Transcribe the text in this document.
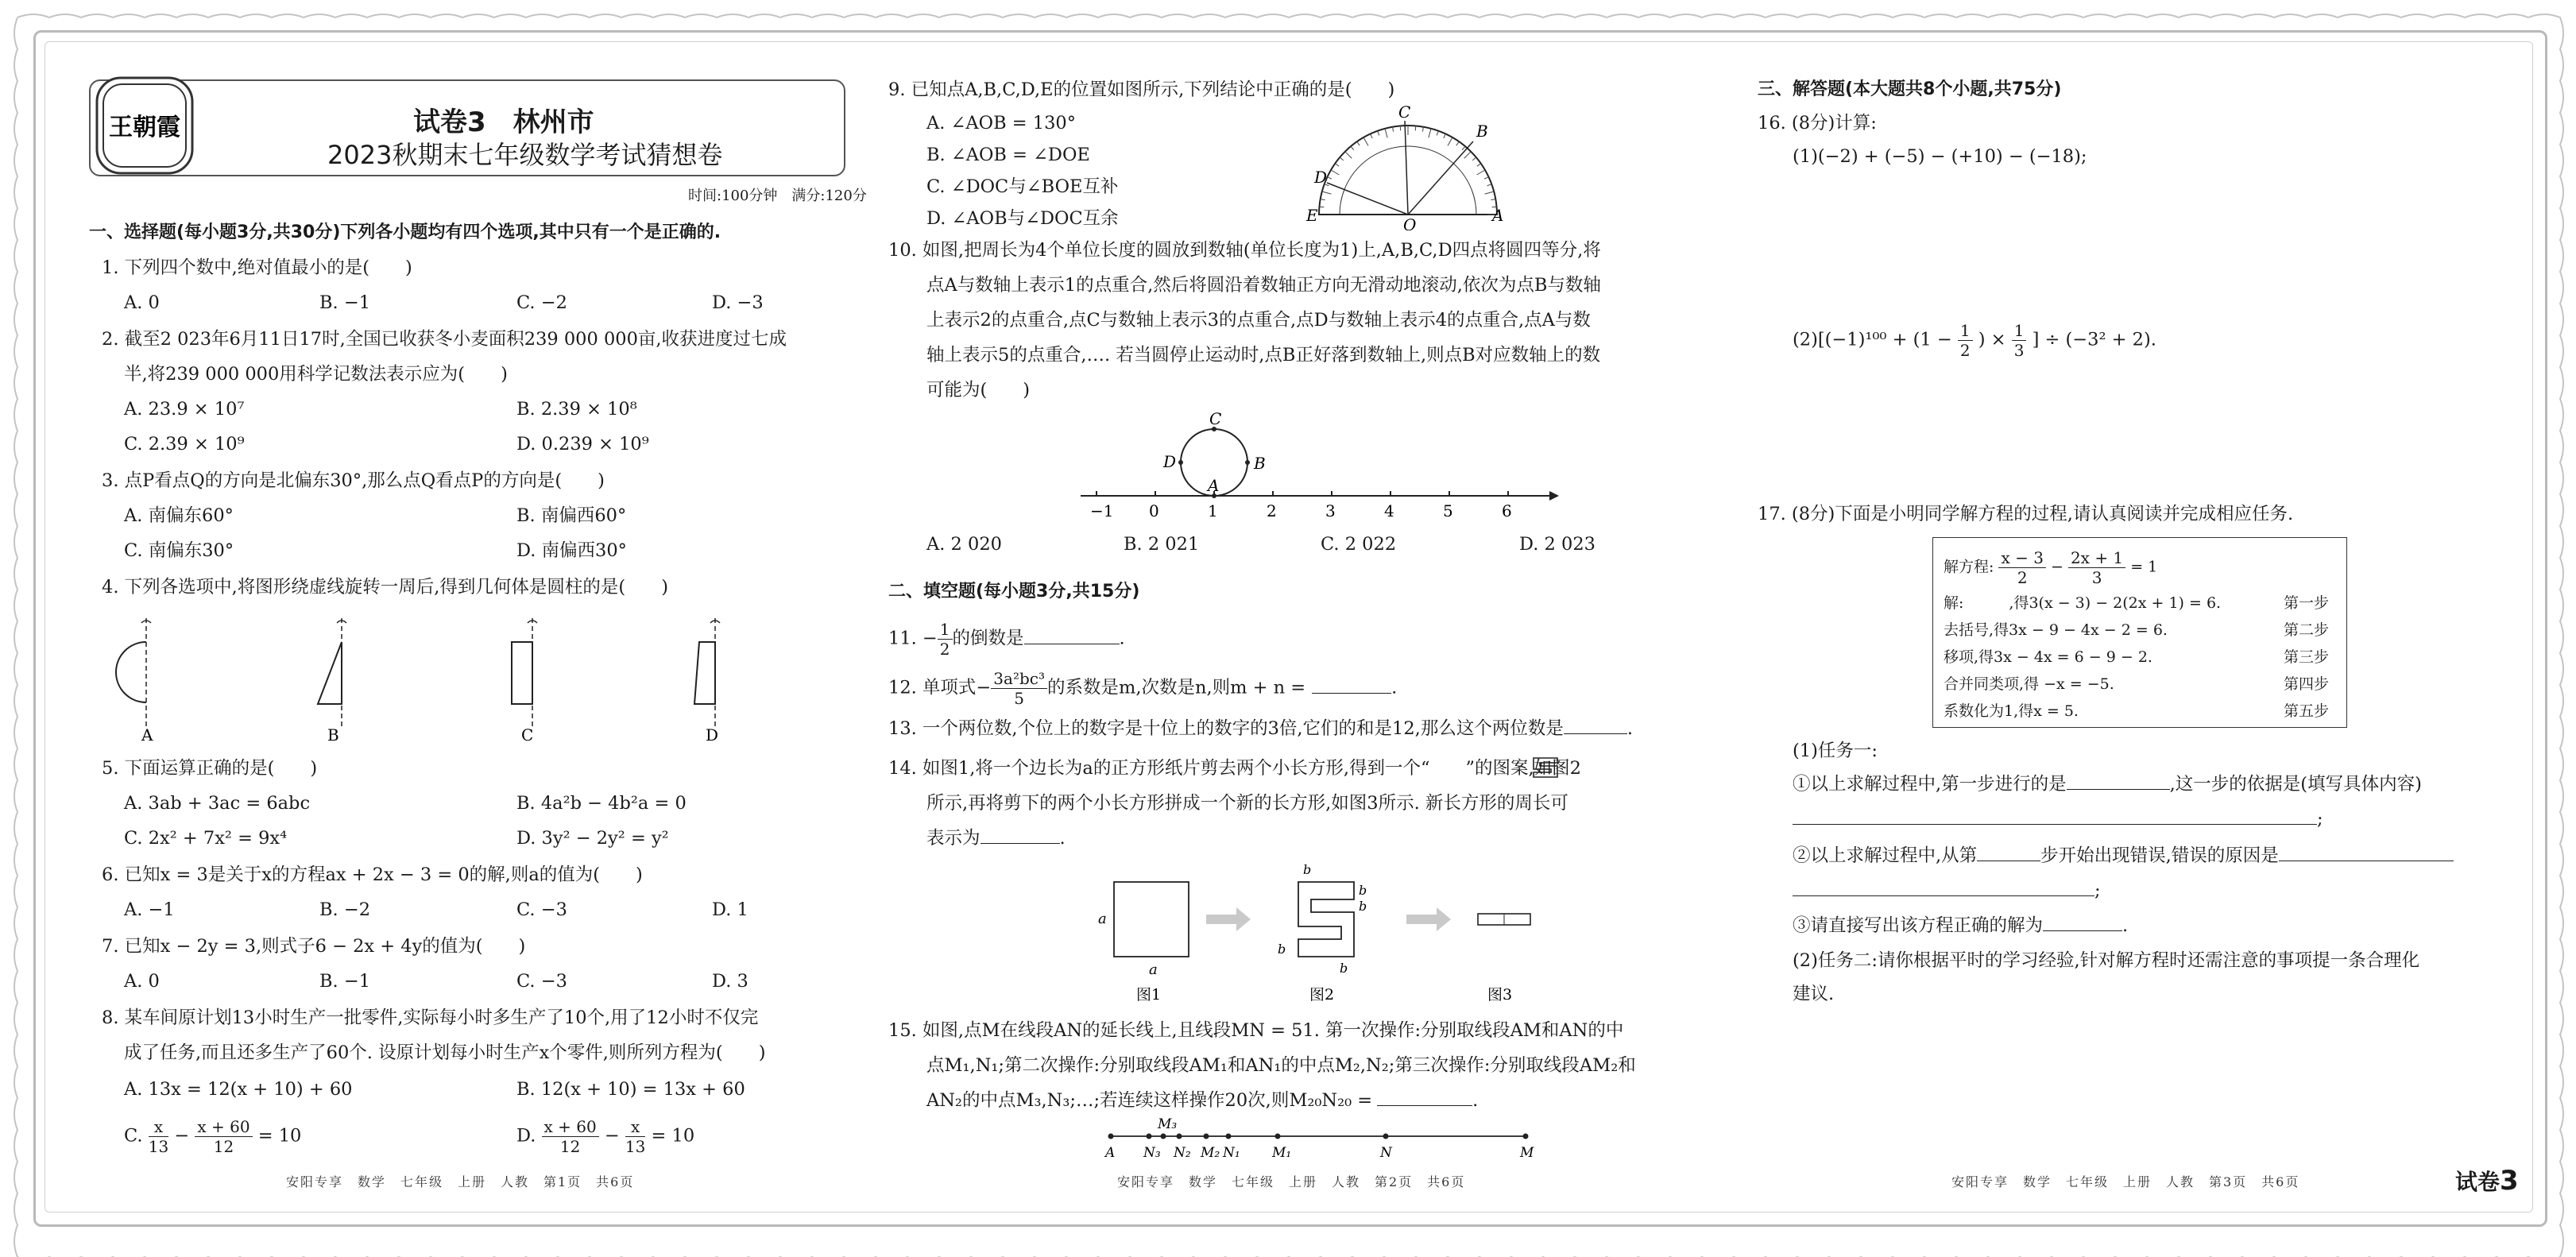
王朝霞	试卷3　林州市
2023秋期末七年级数学考试猜想卷
时间:100分钟　满分:120分
一、选择题(每小题3分,共30分)下列各小题均有四个选项,其中只有一个是正确的.
1. 下列四个数中,绝对值最小的是(　　)
A. 0	B. −1	C. −2	D. −3
2. 截至2 023年6月11日17时,全国已收获冬小麦面积239 000 000亩,收获进度过七成
半,将239 000 000用科学记数法表示应为(　　)
A. 23.9 × 10⁷	B. 2.39 × 10⁸
C. 2.39 × 10⁹	D. 0.239 × 10⁹
3. 点P看点Q的方向是北偏东30°,那么点Q看点P的方向是(　　)
A. 南偏东60°	B. 南偏西60°
C. 南偏东30°	D. 南偏西30°
4. 下列各选项中,将图形绕虚线旋转一周后,得到几何体是圆柱的是(　　)
A	B	C	D
5. 下面运算正确的是(　　)
A. 3ab + 3ac = 6abc	B. 4a²b − 4b²a = 0
C. 2x² + 7x² = 9x⁴	D. 3y² − 2y² = y²
6. 已知x = 3是关于x的方程ax + 2x − 3 = 0的解,则a的值为(　　)
A. −1	B. −2	C. −3	D. 1
7. 已知x − 2y = 3,则式子6 − 2x + 4y的值为(　　)
A. 0	B. −1	C. −3	D. 3
8. 某车间原计划13小时生产一批零件,实际每小时多生产了10个,用了12小时不仅完
成了任务,而且还多生产了60个. 设原计划每小时生产x个零件,则所列方程为(　　)
A. 13x = 12(x + 10) + 60	B. 12(x + 10) = 13x + 60
C. $\frac{x}{13} - \frac{x + 60}{12} = 10$	D. $\frac{x + 60}{12} - \frac{x}{13} = 10$
安阳专享　数学　七年级　上册　人教　第1页　共6页
9. 已知点A,B,C,D,E的位置如图所示,下列结论中正确的是(　　)
A. ∠AOB = 130°
B. ∠AOB = ∠DOE
C. ∠DOC与∠BOE互补
D. ∠AOB与∠DOC互余
C
B
D
E	O	A
10. 如图,把周长为4个单位长度的圆放到数轴(单位长度为1)上,A,B,C,D四点将圆四等分,将
点A与数轴上表示1的点重合,然后将圆沿着数轴正方向无滑动地滚动,依次为点B与数轴
上表示2的点重合,点C与数轴上表示3的点重合,点D与数轴上表示4的点重合,点A与数
轴上表示5的点重合,…. 若当圆停止运动时,点B正好落到数轴上,则点B对应数轴上的数
可能为(　　)
−1 0	1	2	3	4	5	6
C
D	B
A
A. 2 020	B. 2 021	C. 2 022	D. 2 023
二、填空题(每小题3分,共15分)
11. − $\frac{1}{2}$ 的倒数是	.
12. 单项式− $\frac{\text{3a²bc³}}{5}$ 的系数是m,次数是n,则m + n =	.
13. 一个两位数,个位上的数字是十位上的数字的3倍,它们的和是12,那么这个两位数是	.
14. 如图1,将一个边长为a的正方形纸片剪去两个小长方形,得到一个“　　”的图案,如图2
所示,再将剪下的两个小长方形拼成一个新的长方形,如图3所示. 新长方形的周长可
表示为	.
a
a
b
b
b
b
b
图1	图2	图3
15. 如图,点M在线段AN的延长线上,且线段MN = 51. 第一次操作:分别取线段AM和AN的中
点M₁,N₁;第二次操作:分别取线段AM₁和AN₁的中点M₂,N₂;第三次操作:分别取线段AM₂和
AN₂的中点M₃,N₃;…;若连续这样操作20次,则M₂₀N₂₀ =	.
A N₃
M₃
N₂ M₂ N₁ M₁	N	M
安阳专享　数学　七年级　上册　人教　第2页　共6页
三、解答题(本大题共8个小题,共75分)
16. (8分)计算:
(1)(−2) + (−5) − (+10) − (−18);
$(2)[(-1)^{100} + (1 - \frac{1}{2}$ ) × $\frac{1}{3}$ ] ÷ (−3² + 2).
17. (8分)下面是小明同学解方程的过程,请认真阅读并完成相应任务.
解方程: $\frac{x - 3}{2} - \frac{2x + 1}{3} = 1$
解:　　　,得3(x − 3) − 2(2x + 1) = 6.	第一步
去括号,得3x − 9 − 4x − 2 = 6.	第二步
移项,得3x − 4x = 6 − 9 − 2.	第三步
合并同类项,得 −x = −5.	第四步
系数化为1,得x = 5.	第五步
(1)任务一:
①以上求解过程中,第一步进行的是	,这一步的依据是(填写具体内容)
;
②以上求解过程中,从第	步开始出现错误,错误的原因是
;
③请直接写出该方程正确的解为	.
(2)任务二:请你根据平时的学习经验,针对解方程时还需注意的事项提一条合理化
建议.
安阳专享　数学　七年级　上册　人教　第3页　共6页	试卷3
